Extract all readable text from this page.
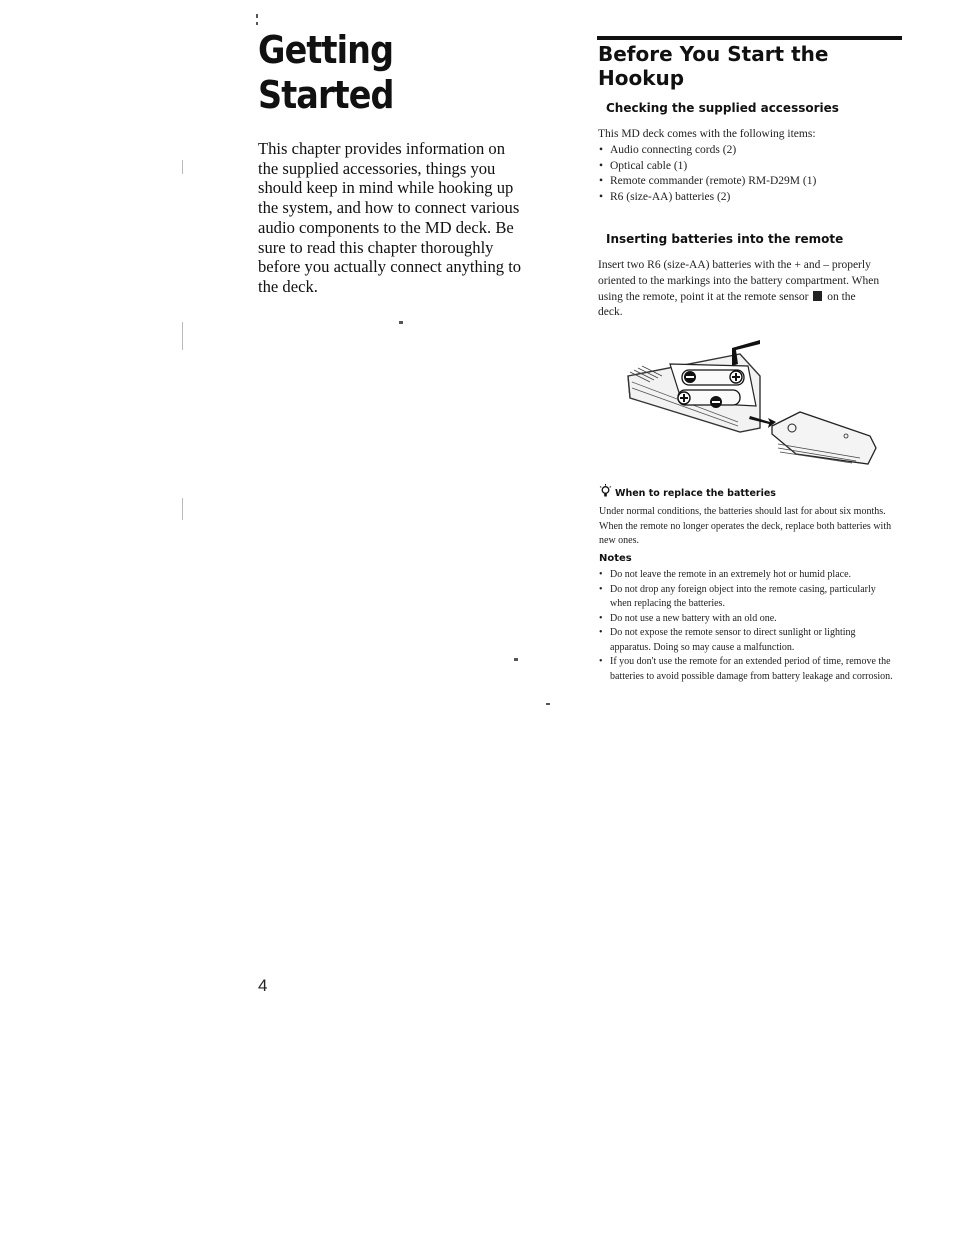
Getting
Started
This chapter provides information on the supplied accessories, things you should keep in mind while hooking up the system, and how to connect various audio components to the MD deck. Be sure to read this chapter thoroughly before you actually connect anything to the deck.
Before You Start the
Hookup
Checking the supplied accessories
This MD deck comes with the following items:
• Audio connecting cords (2)
• Optical cable (1)
• Remote commander (remote) RM-D29M (1)
• R6 (size-AA) batteries (2)
Inserting batteries into the remote
Insert two R6 (size-AA) batteries with the + and – properly oriented to the markings into the battery compartment. When using the remote, point it at the remote sensor on the deck.
When to replace the batteries
Under normal conditions, the batteries should last for about six months. When the remote no longer operates the deck, replace both batteries with new ones.
Notes
• Do not leave the remote in an extremely hot or humid place.
• Do not drop any foreign object into the remote casing, particularly when replacing the batteries.
• Do not use a new battery with an old one.
• Do not expose the remote sensor to direct sunlight or lighting apparatus. Doing so may cause a malfunction.
• If you don't use the remote for an extended period of time, remove the batteries to avoid possible damage from battery leakage and corrosion.
4
